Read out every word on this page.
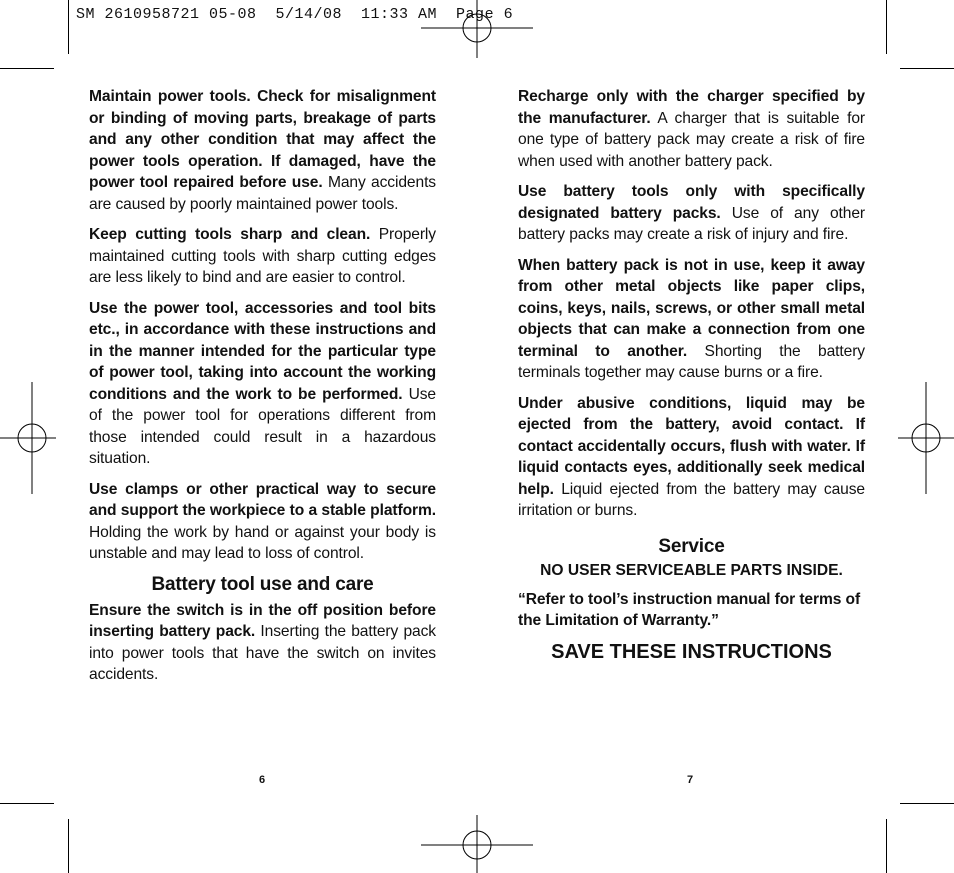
SM 2610958721 05-08  5/14/08  11:33 AM  Page 6

Maintain power tools. Check for misalignment or binding of moving parts, breakage of parts and any other condition that may affect the power tools operation. If damaged, have the power tool repaired before use. Many accidents are caused by poorly maintained power tools.

Keep cutting tools sharp and clean. Properly maintained cutting tools with sharp cutting edges are less likely to bind and are easier to control.

Use the power tool, accessories and tool bits etc., in accordance with these instructions and in the manner intended for the particular type of power tool, taking into account the working conditions and the work to be performed. Use of the power tool for operations different from those intended could result in a hazardous situation.

Use clamps or other practical way to secure and support the workpiece to a stable platform. Holding the work by hand or against your body is unstable and may lead to loss of control.

Battery tool use and care

Ensure the switch is in the off position before inserting battery pack. Inserting the battery pack into power tools that have the switch on invites accidents.

Recharge only with the charger specified by the manufacturer. A charger that is suitable for one type of battery pack may create a risk of fire when used with another battery pack.

Use battery tools only with specifically designated battery packs. Use of any other battery packs may create a risk of injury and fire.

When battery pack is not in use, keep it away from other metal objects like paper clips, coins, keys, nails, screws, or other small metal objects that can make a connection from one terminal to another. Shorting the battery terminals together may cause burns or a fire.

Under abusive conditions, liquid may be ejected from the battery, avoid contact. If contact accidentally occurs, flush with water. If liquid contacts eyes, additionally seek medical help. Liquid ejected from the battery may cause irritation or burns.

Service

NO USER SERVICEABLE PARTS INSIDE.

“Refer to tool’s instruction manual for terms of the Limitation of Warranty.”

SAVE THESE INSTRUCTIONS

6	7
